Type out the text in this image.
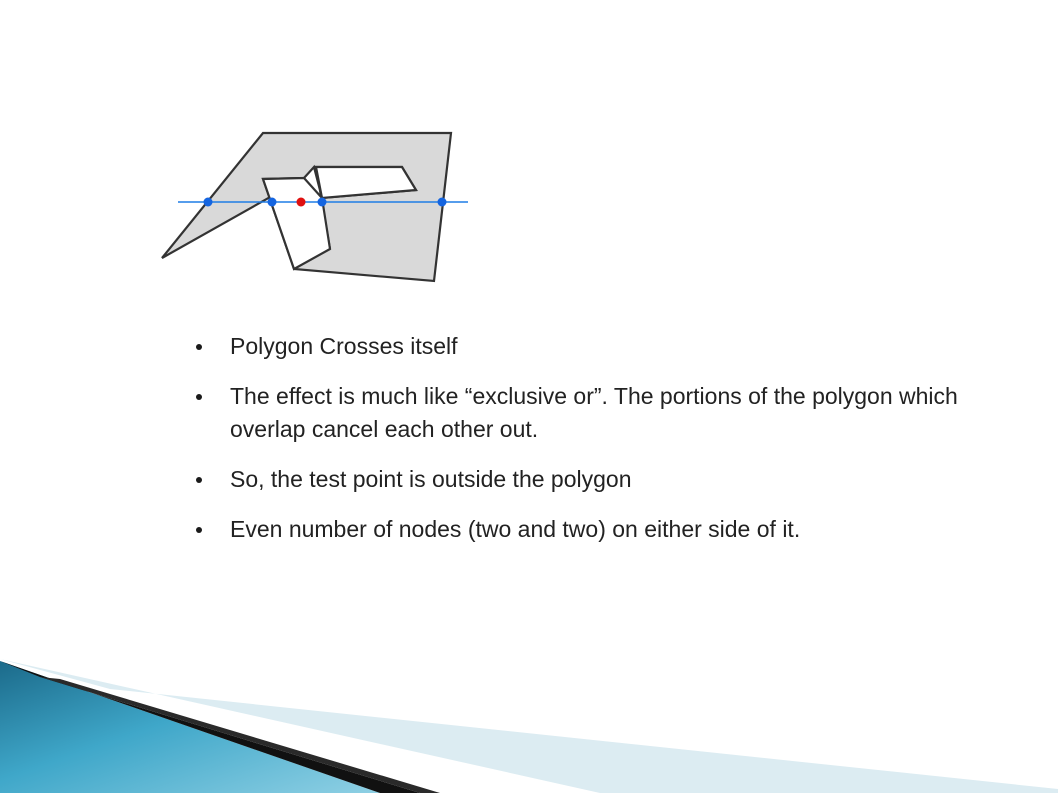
Polygon Crosses itself
The effect is much like “exclusive or”. The portions of the polygon which overlap cancel each other out.
So, the test point is outside the polygon
Even number of nodes (two and two) on either side of it.
